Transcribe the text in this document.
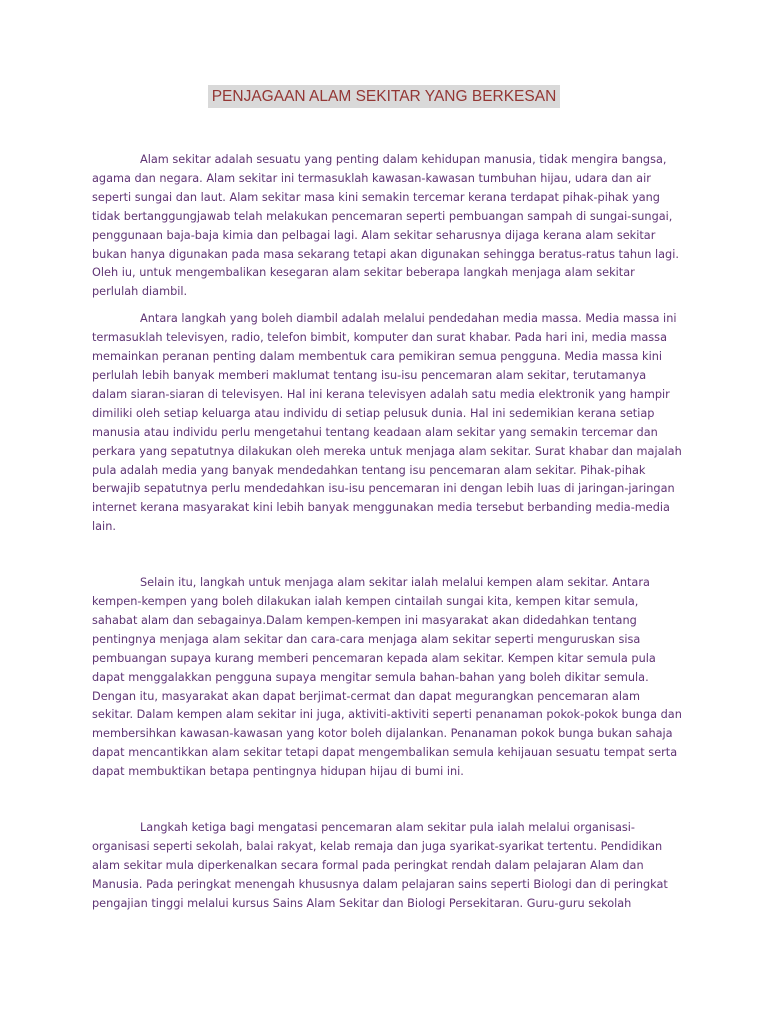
PENJAGAAN ALAM SEKITAR YANG BERKESAN

Alam sekitar adalah sesuatu yang penting dalam kehidupan manusia, tidak mengira bangsa, agama dan negara. Alam sekitar ini termasuklah kawasan-kawasan tumbuhan hijau, udara dan air seperti sungai dan laut. Alam sekitar masa kini semakin tercemar kerana terdapat pihak-pihak yang tidak bertanggungjawab telah melakukan pencemaran seperti pembuangan sampah di sungai-sungai, penggunaan baja-baja kimia dan pelbagai lagi. Alam sekitar seharusnya dijaga kerana alam sekitar bukan hanya digunakan pada masa sekarang tetapi akan digunakan sehingga beratus-ratus tahun lagi. Oleh iu, untuk mengembalikan kesegaran alam sekitar beberapa langkah menjaga alam sekitar perlulah diambil.

Antara langkah yang boleh diambil adalah melalui pendedahan media massa. Media massa ini termasuklah televisyen, radio, telefon bimbit, komputer dan surat khabar. Pada hari ini, media massa memainkan peranan penting dalam membentuk cara pemikiran semua pengguna. Media massa kini perlulah lebih banyak memberi maklumat tentang isu-isu pencemaran alam sekitar, terutamanya dalam siaran-siaran di televisyen. Hal ini kerana televisyen adalah satu media elektronik yang hampir dimiliki oleh setiap keluarga atau individu di setiap pelusuk dunia. Hal ini sedemikian kerana setiap manusia atau individu perlu mengetahui tentang keadaan alam sekitar yang semakin tercemar dan perkara yang sepatutnya dilakukan oleh mereka untuk menjaga alam sekitar. Surat khabar dan majalah pula adalah media yang banyak mendedahkan tentang isu pencemaran alam sekitar. Pihak-pihak berwajib sepatutnya perlu mendedahkan isu-isu pencemaran ini dengan lebih luas di jaringan-jaringan internet kerana masyarakat kini lebih banyak menggunakan media tersebut berbanding media-media lain.

Selain itu, langkah untuk menjaga alam sekitar ialah melalui kempen alam sekitar. Antara kempen-kempen yang boleh dilakukan ialah kempen cintailah sungai kita, kempen kitar semula, sahabat alam dan sebagainya.Dalam kempen-kempen ini masyarakat akan didedahkan tentang pentingnya menjaga alam sekitar dan cara-cara menjaga alam sekitar seperti menguruskan sisa pembuangan supaya kurang memberi pencemaran kepada alam sekitar. Kempen kitar semula pula dapat menggalakkan pengguna supaya mengitar semula bahan-bahan yang boleh dikitar semula. Dengan itu, masyarakat akan dapat berjimat-cermat dan dapat megurangkan pencemaran alam sekitar. Dalam kempen alam sekitar ini juga, aktiviti-aktiviti seperti penanaman pokok-pokok bunga dan membersihkan kawasan-kawasan yang kotor boleh dijalankan. Penanaman pokok bunga bukan sahaja dapat mencantikkan alam sekitar tetapi dapat mengembalikan semula kehijauan sesuatu tempat serta dapat membuktikan betapa pentingnya hidupan hijau di bumi ini.

Langkah ketiga bagi mengatasi pencemaran alam sekitar pula ialah melalui organisasi-organisasi seperti sekolah, balai rakyat, kelab remaja dan juga syarikat-syarikat tertentu. Pendidikan alam sekitar mula diperkenalkan secara formal pada peringkat rendah dalam pelajaran Alam dan Manusia. Pada peringkat menengah khususnya dalam pelajaran sains seperti Biologi dan di peringkat pengajian tinggi melalui kursus Sains Alam Sekitar dan Biologi Persekitaran. Guru-guru sekolah
